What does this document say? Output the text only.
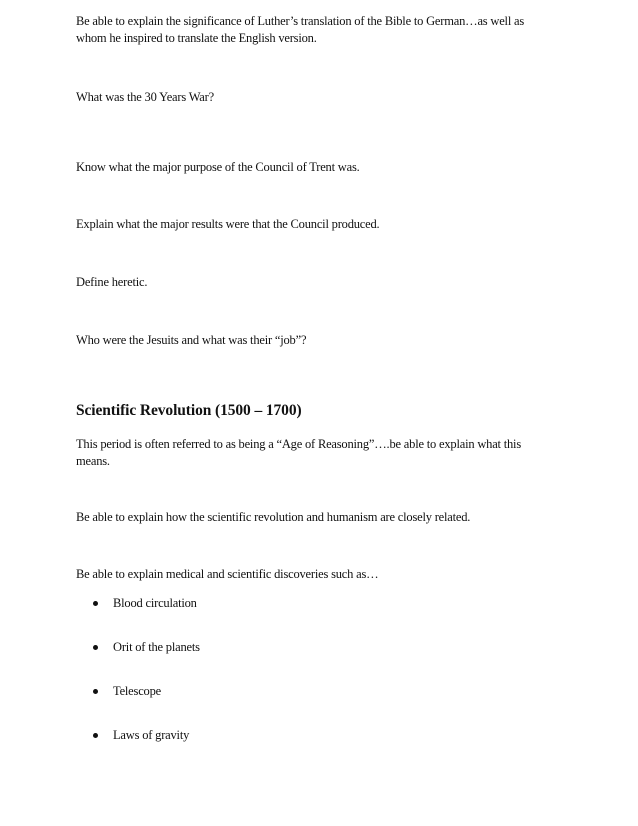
Be able to explain the significance of Luther’s translation of the Bible to German…as well as whom he inspired to translate the English version.

What was the 30 Years War?

Know what the major purpose of the Council of Trent was.

Explain what the major results were that the Council produced.

Define heretic.

Who were the Jesuits and what was their “job”?

Scientific Revolution (1500 – 1700)

This period is often referred to as being a “Age of Reasoning”….be able to explain what this means.

Be able to explain how the scientific revolution and humanism are closely related.

Be able to explain medical and scientific discoveries such as…

Blood circulation
Orit of the planets
Telescope
Laws of gravity
